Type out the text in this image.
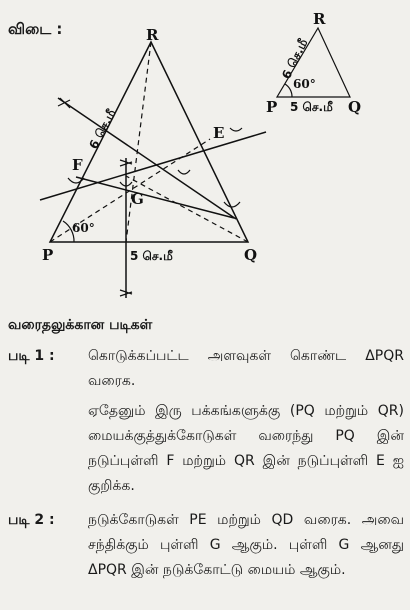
விடை :	R
P	Q
E
F
G
5 செ.மீ
6 செ.மீ
60°
R
P	Q
5 செ.மீ
6 செ.மீ
60°
வரைதலுக்கான படிகள்
படி 1 : கொடுக்கப்பட்ட அளவுகள் கொண்ட ΔPQR வரைக.
ஏதேனும் இரு பக்கங்களுக்கு (PQ மற்றும் QR) மையக்குத்துக்கோடுகள் வரைந்து PQ இன் நடுப்புள்ளி F மற்றும் QR இன் நடுப்புள்ளி E ஐ குறிக்க.
படி 2 : நடுக்கோடுகள் PE மற்றும் QD வரைக. அவை சந்திக்கும் புள்ளி G ஆகும். புள்ளி G ஆனது ΔPQR இன் நடுக்கோட்டு மையம் ஆகும்.
